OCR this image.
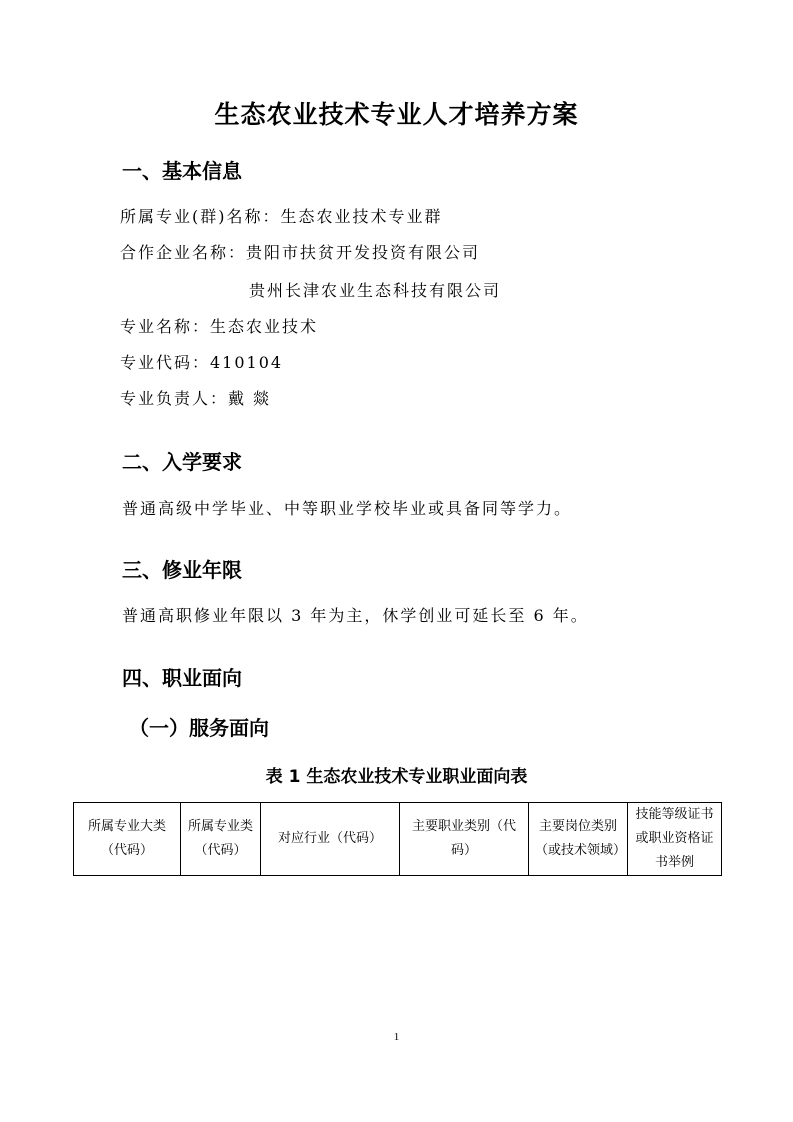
生态农业技术专业人才培养方案
一、基本信息
所属专业(群)名称：生态农业技术专业群
合作企业名称：贵阳市扶贫开发投资有限公司
贵州长津农业生态科技有限公司
专业名称：生态农业技术
专业代码：410104
专业负责人：戴 燚
二、入学要求
普通高级中学毕业、中等职业学校毕业或具备同等学力。
三、修业年限
普通高职修业年限以 3 年为主，休学创业可延长至 6 年。
四、职业面向
（一）服务面向
表 1 生态农业技术专业职业面向表
所属专业大类（代码）	所属专业类（代码）	对应行业（代码）	主要职业类别（代码）	主要岗位类别（或技术领域）	技能等级证书或职业资格证书举例
1
